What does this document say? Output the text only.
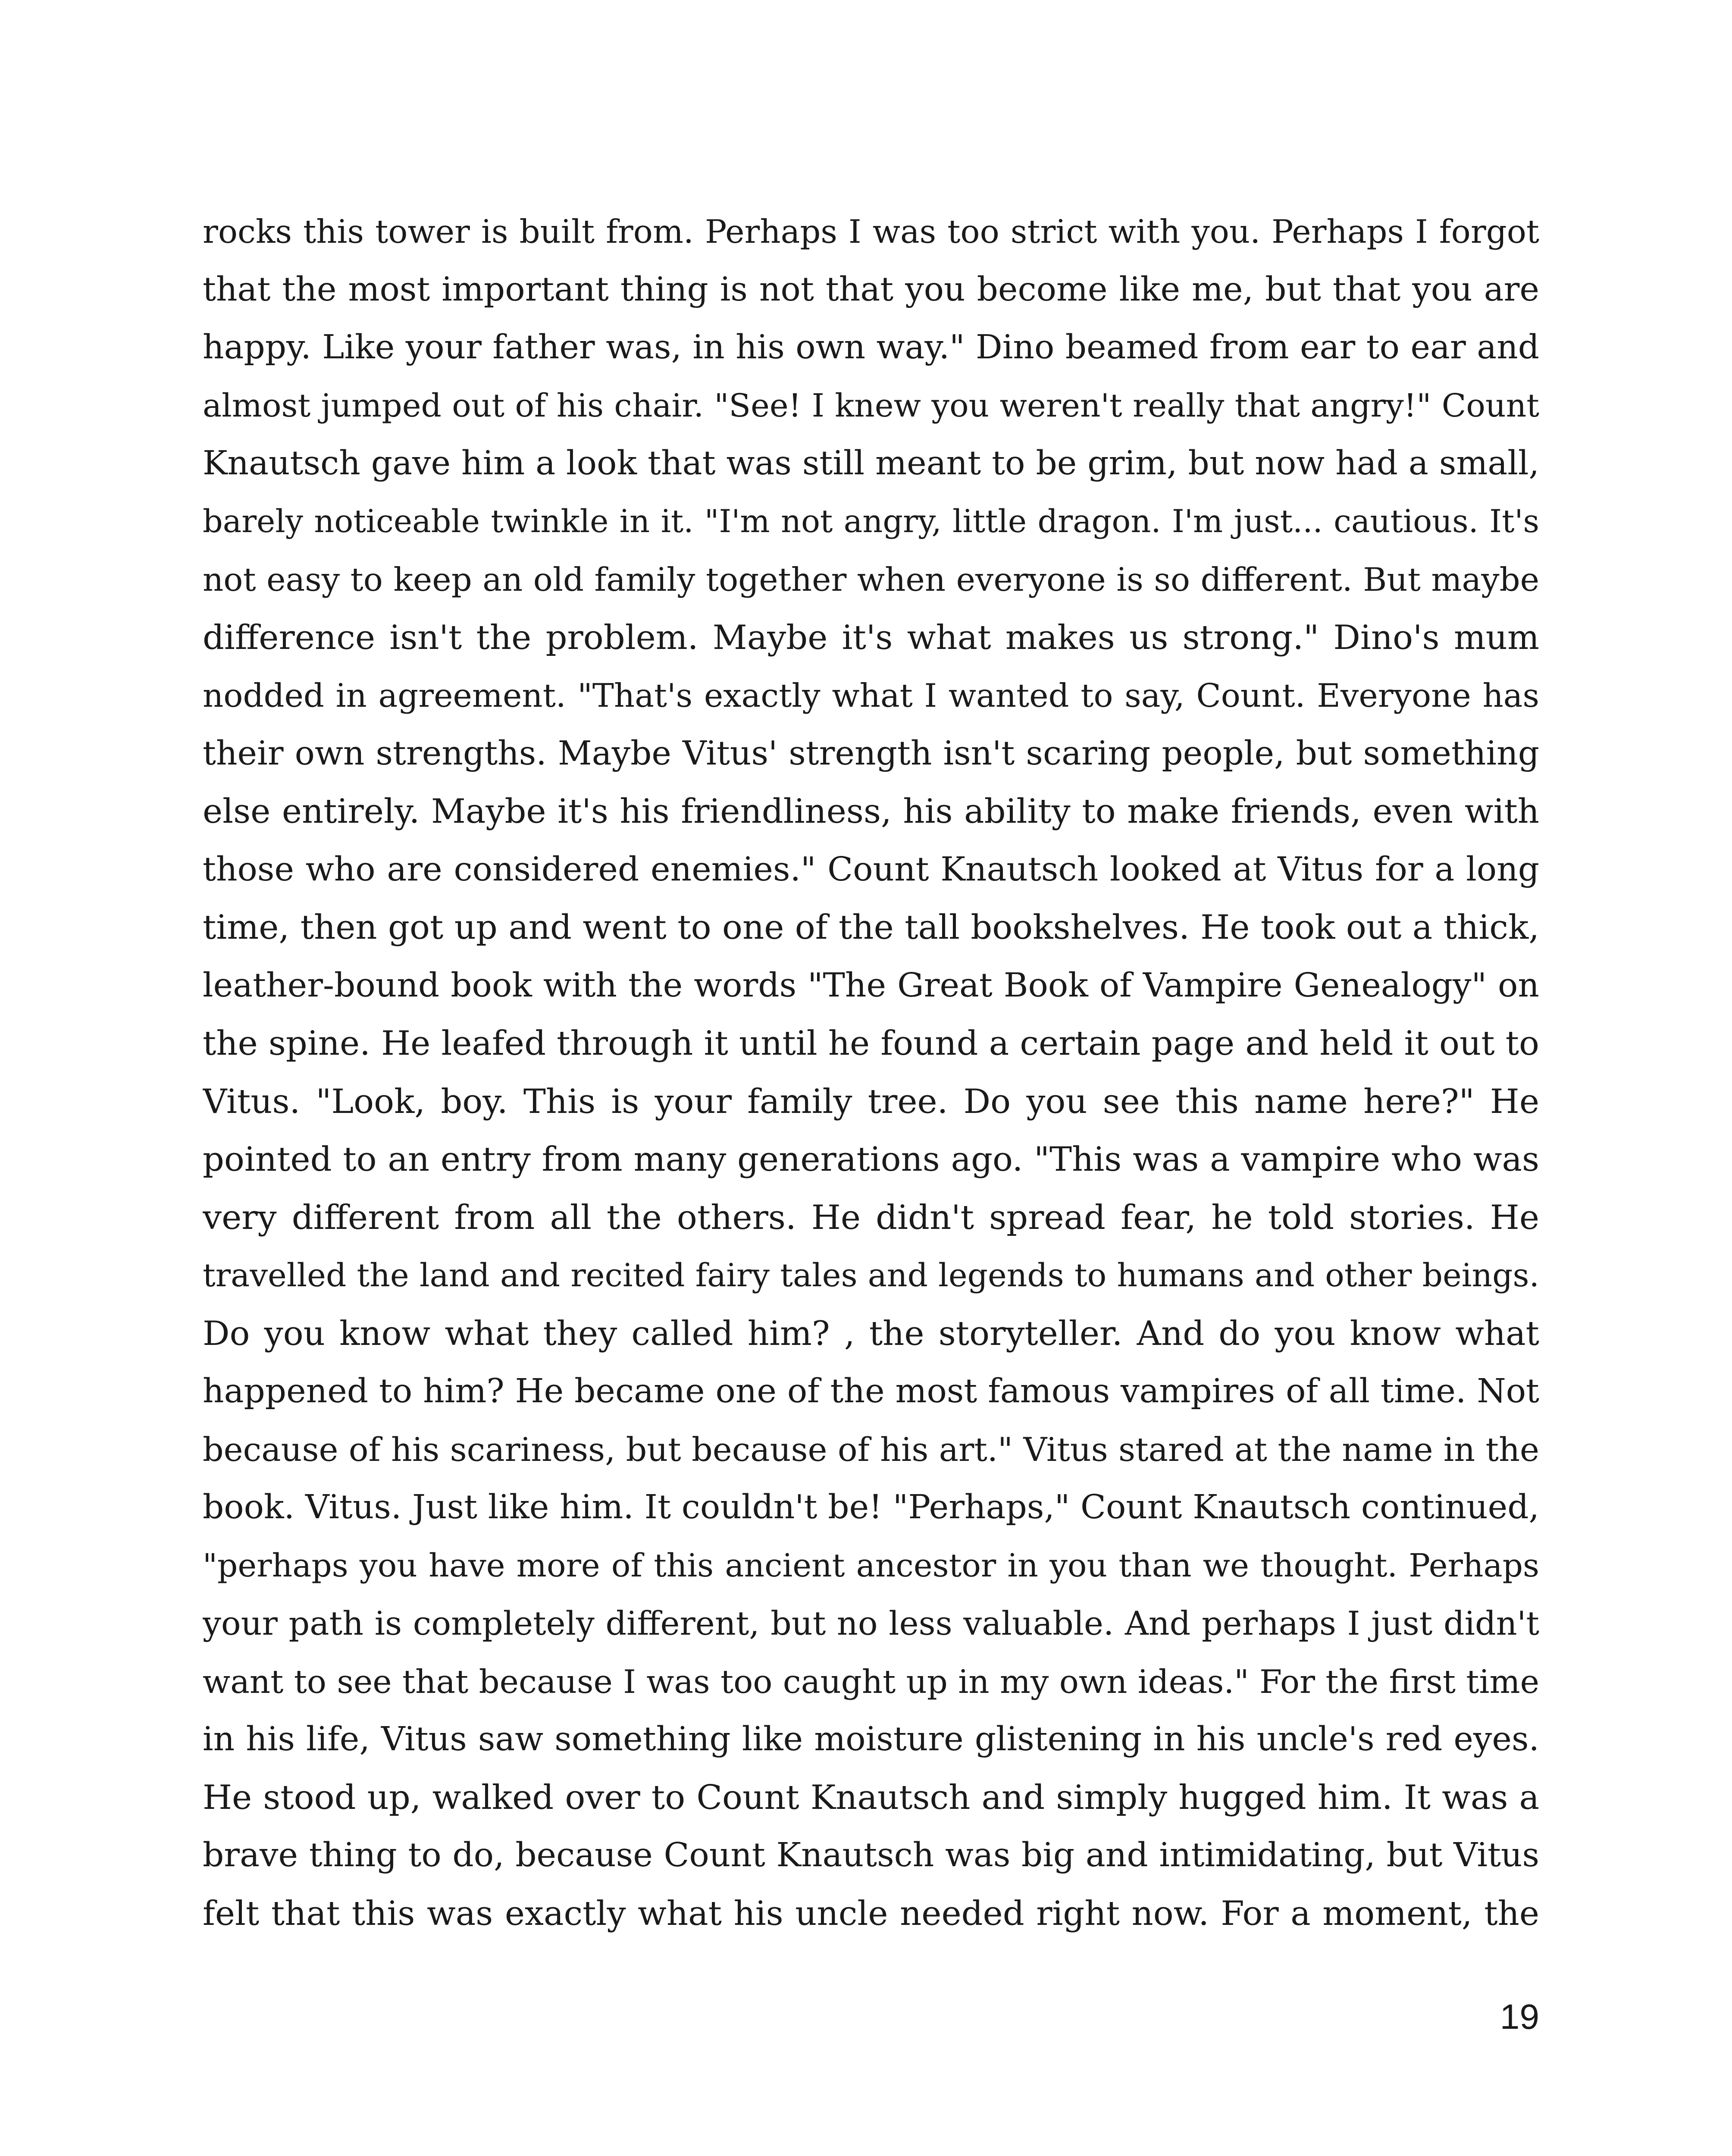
rocks this tower is built from. Perhaps I was too strict with you. Perhaps I forgot
that the most important thing is not that you become like me, but that you are
happy. Like your father was, in his own way." Dino beamed from ear to ear and
almost jumped out of his chair. "See! I knew you weren't really that angry!" Count
Knautsch gave him a look that was still meant to be grim, but now had a small,
barely noticeable twinkle in it. "I'm not angry, little dragon. I'm just... cautious. It's
not easy to keep an old family together when everyone is so different. But maybe
difference isn't the problem. Maybe it's what makes us strong." Dino's mum
nodded in agreement. "That's exactly what I wanted to say, Count. Everyone has
their own strengths. Maybe Vitus' strength isn't scaring people, but something
else entirely. Maybe it's his friendliness, his ability to make friends, even with
those who are considered enemies." Count Knautsch looked at Vitus for a long
time, then got up and went to one of the tall bookshelves. He took out a thick,
leather-bound book with the words "The Great Book of Vampire Genealogy" on
the spine. He leafed through it until he found a certain page and held it out to
Vitus. "Look, boy. This is your family tree. Do you see this name here?" He
pointed to an entry from many generations ago. "This was a vampire who was
very different from all the others. He didn't spread fear, he told stories. He
travelled the land and recited fairy tales and legends to humans and other beings.
Do you know what they called him? , the storyteller. And do you know what
happened to him? He became one of the most famous vampires of all time. Not
because of his scariness, but because of his art." Vitus stared at the name in the
book. Vitus. Just like him. It couldn't be! "Perhaps," Count Knautsch continued,
"perhaps you have more of this ancient ancestor in you than we thought. Perhaps
your path is completely different, but no less valuable. And perhaps I just didn't
want to see that because I was too caught up in my own ideas." For the first time
in his life, Vitus saw something like moisture glistening in his uncle's red eyes.
He stood up, walked over to Count Knautsch and simply hugged him. It was a
brave thing to do, because Count Knautsch was big and intimidating, but Vitus
felt that this was exactly what his uncle needed right now. For a moment, the
19
